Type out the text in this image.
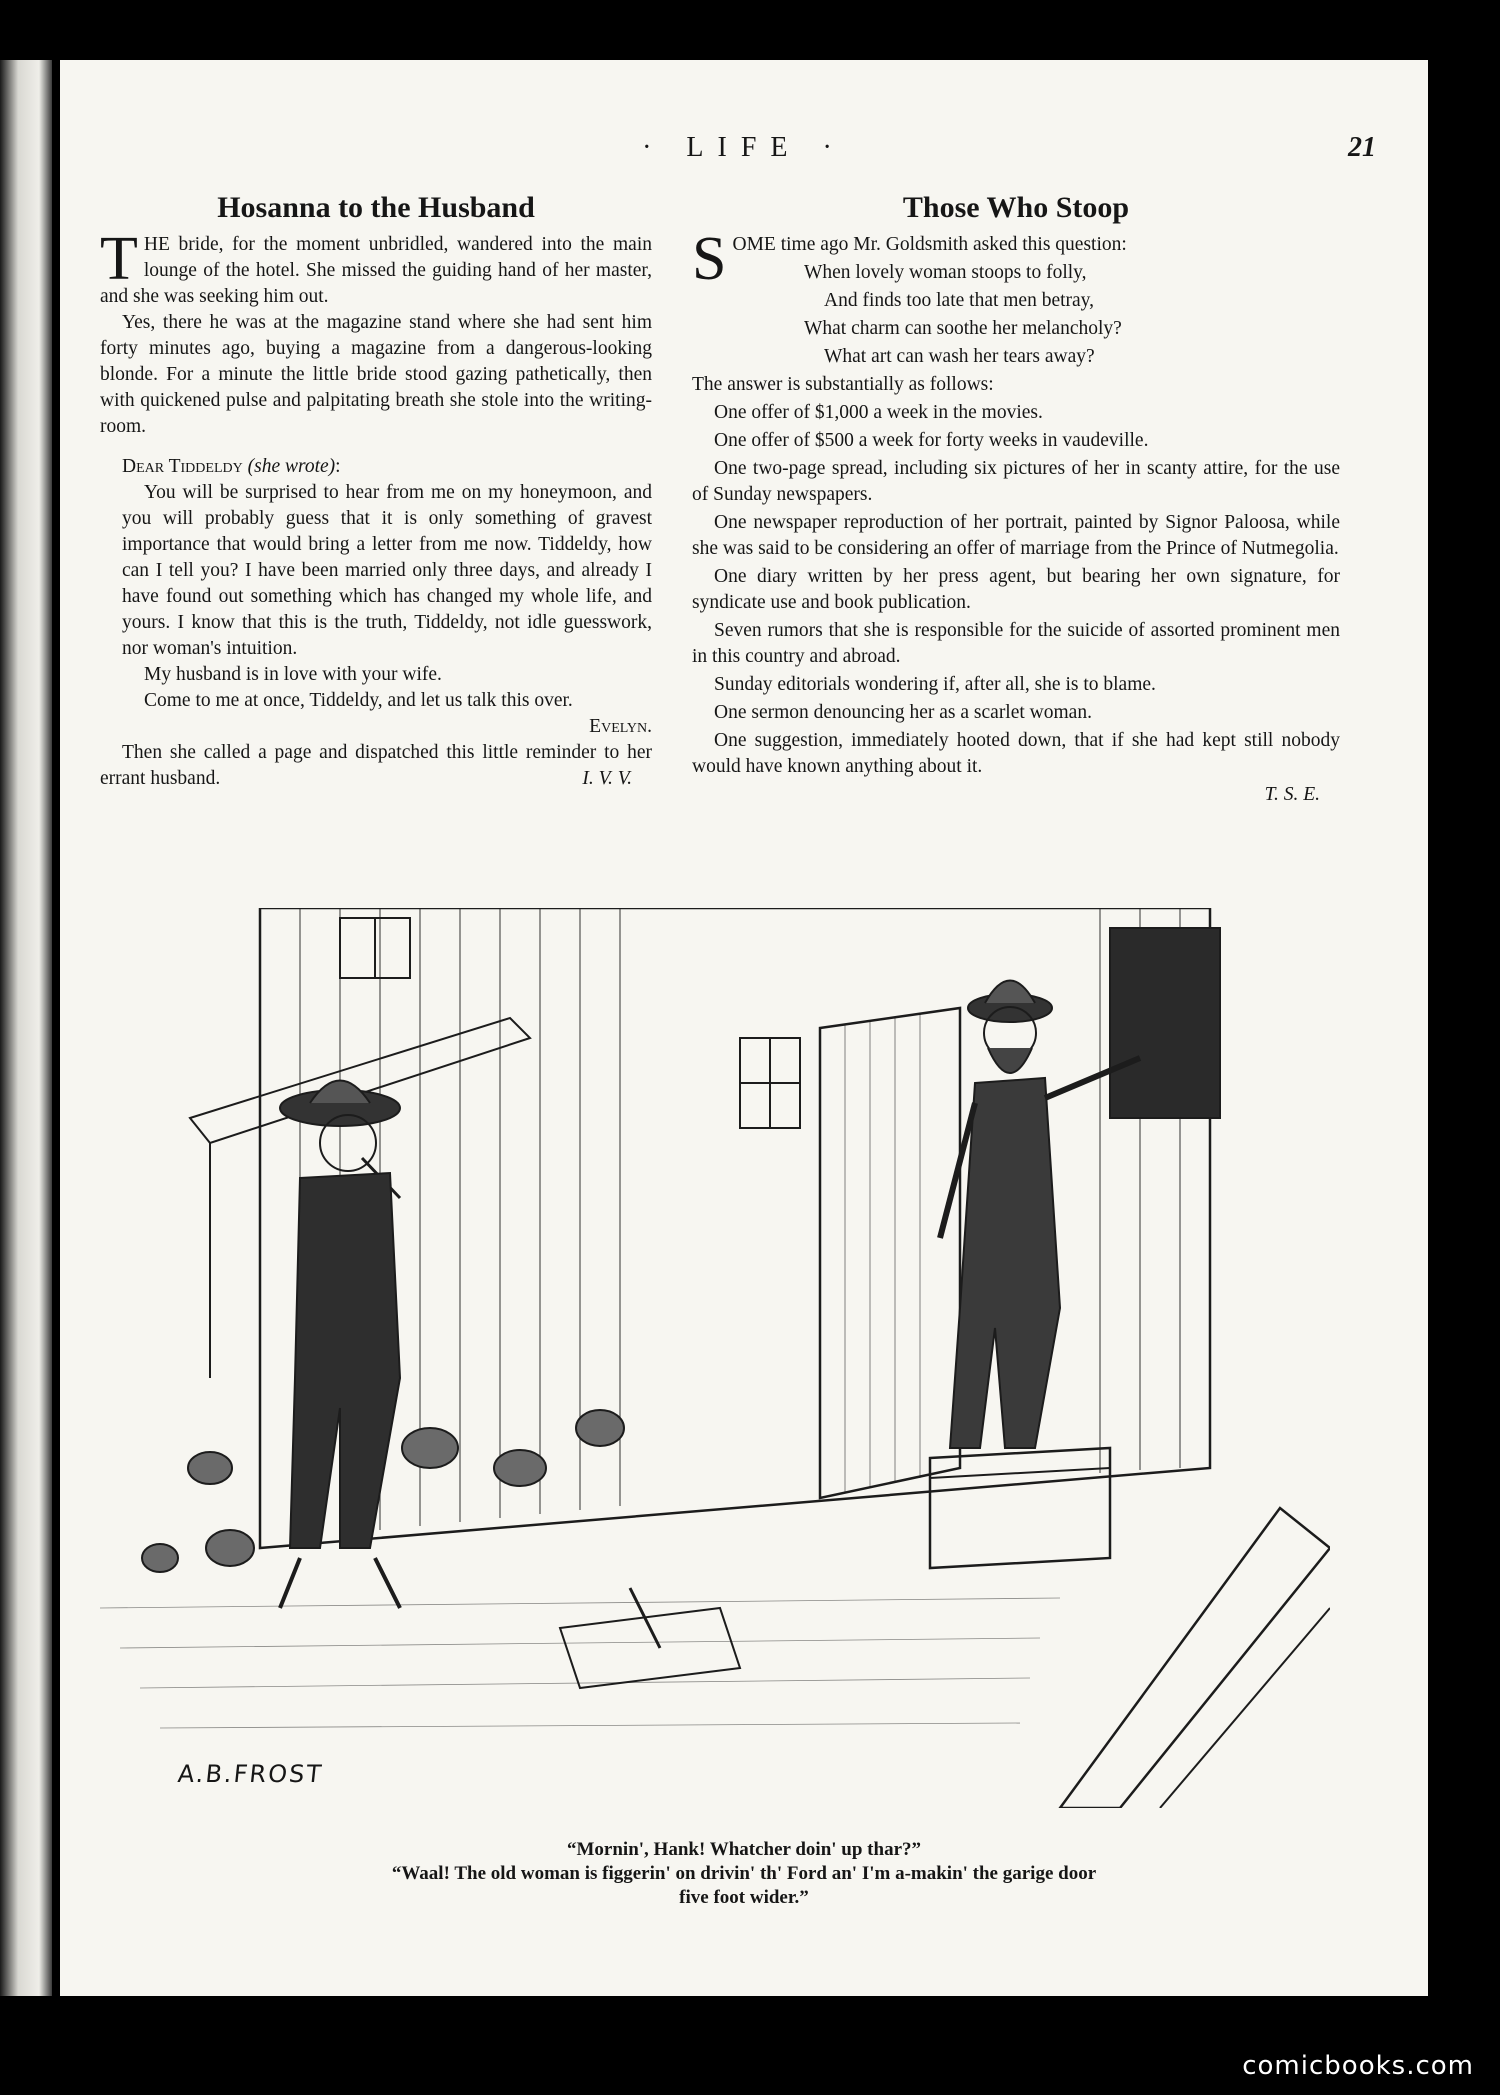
· LIFE ·	21
Hosanna to the Husband

THE bride, for the moment unbridled, wandered into the main lounge of the hotel. She missed the guiding hand of her master, and she was seeking him out.

Yes, there he was at the magazine stand where she had sent him forty minutes ago, buying a magazine from a dangerous-looking blonde. For a minute the little bride stood gazing pathetically, then with quickened pulse and palpitating breath she stole into the writing-room.

Dear Tiddeldy (she wrote):

You will be surprised to hear from me on my honeymoon, and you will probably guess that it is only something of gravest importance that would bring a letter from me now. Tiddeldy, how can I tell you? I have been married only three days, and already I have found out something which has changed my whole life, and yours. I know that this is the truth, Tiddeldy, not idle guesswork, nor woman's intuition.

My husband is in love with your wife.

Come to me at once, Tiddeldy, and let us talk this over.
Evelyn.

Then she called a page and dispatched this little reminder to her errant husband.	I. V. V.

Those Who Stoop

SOME time ago Mr. Goldsmith asked this question:

When lovely woman stoops to folly,

And finds too late that men betray,

What charm can soothe her melancholy?

What art can wash her tears away?

The answer is substantially as follows:

One offer of $1,000 a week in the movies.

One offer of $500 a week for forty weeks in vaudeville.

One two-page spread, including six pictures of her in scanty attire, for the use of Sunday newspapers.

One newspaper reproduction of her portrait, painted by Signor Paloosa, while she was said to be considering an offer of marriage from the Prince of Nutmegolia.

One diary written by her press agent, but bearing her own signature, for syndicate use and book publication.

Seven rumors that she is responsible for the suicide of assorted prominent men in this country and abroad.

Sunday editorials wondering if, after all, she is to blame.

One sermon denouncing her as a scarlet woman.

One suggestion, immediately hooted down, that if she had kept still nobody would have known anything about it.

T. S. E.

A.B.FROST
“Mornin', Hank! Whatcher doin' up thar?”
“Waal! The old woman is figgerin' on drivin' th' Ford an' I'm a-makin' the garige door
five foot wider.”
comicbooks.com
